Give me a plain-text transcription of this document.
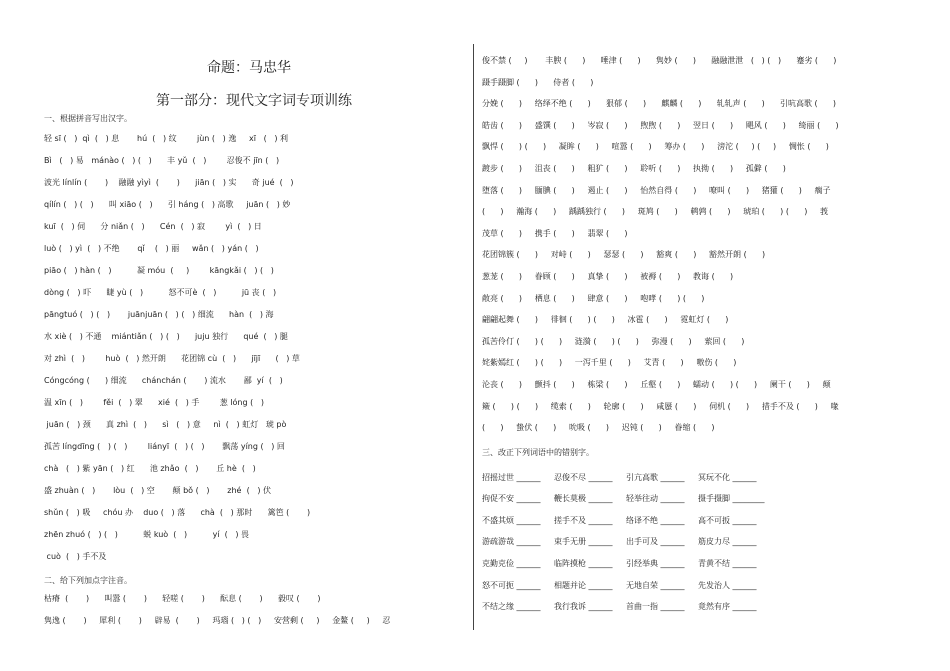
命题：马忠华
第一部分：现代文字词专项训练
一、根据拼音写出汉字。
轻 sī (   )  qì  (   ) 息       hú  (   ) 纹        jùn (   ) 逸     xī   (   ) 利
Bì   (   ) 易   mánào (   ) (   )      丰 yǔ  (   )        忍俊不 jīn (   )
波光 línlín (       )    融融 yìyì  (       )      jiān (   ) 实      奇 jué  (   )
qílín (   ) (   )      叫 xiāo (   )      引 háng (   ) 高歌     juān (   ) 妙
kuī  (   ) 伺      分 niǎn (   )      Cén  (   ) 寂        yì  (   ) 日
luò (   ) yì  (   ) 不绝       qǐ    (   ) 丽     wǎn (   ) yán (   )
piāo (   ) hàn (   )          凝 móu  (     )        kāngkǎi (   ) (   )
dòng (   ) 吓      睫 yù (   )          怒不可è  (   )          jū 丧 (   )
pāngtuó (   ) (   )       juānjuān (   ) (   ) 细流      hàn  (   ) 海
水 xiè (   ) 不通    miántiǎn (   ) (   )      juju 独行      qué  (   ) 腿
对 zhì  (   )        huò  (   ) 然开朗      花团锦 cù  (   )      jījī      (   ) 草
Cóngcóng (      ) 细流      chánchán (       ) 流水       鄙  yí  (   )
温 xīn (   )        fěi  (   ) 翠      xié  (   ) 手        葱 lóng (   )
juān (   ) 颈      真 zhì  (   )      sì   (   ) 意     nì  (   ) 虹灯   琥 pò
孤苦 língdīng (   ) (   )        liányī  (   ) (   )       飘荡 yíng (   ) 回
chà   (   ) 紫 yān (   ) 红      池 zhǎo  (   )       丘 hè  (   )
盛 zhuàn (   )       lòu  (   ) 空       颠 bǒ (   )       zhé  (   ) 伏
shǔn (   ) 吸     chóu 办    duo (   ) 落      chà  (   ) 那时      篱笆 (       )
zhēn zhuó (   ) (   )          蜕 kuò  (   )          yí  (   ) 畏
cuò  (   ) 手不及
二、给下列加点字注音。
枯瘠  (       )      叫嚣 (       )      轻嗟 (       )      酝息 (       )      毅叹 (       )
隽逸 (       )     犀利 (       )     辟易  (       )     玛瑙 (   ) (   )     安营剩 (     )     金鳌 (     )     忍
俊不禁 (     )       丰腴 (      )      唾津 (      )      隽妙 (      )      融融泄泄   (   ) (   )      蹇劣 (      )
蹑手蹑脚 (      )      侍者 (      )
分娩 (      )     络绎不绝 (      )      狠郁 (      )      麒麟 (      )      轧轧声 (      )      引吭高歌 (      )
皓齿 (      )     盛馔 (      )     岑寂 (      )     煦煦 (      )     翌日 (      )     飓风 (      )     绮丽 (      )
飘悍 (      ) (      )     凝眸 (      )     喧嚣 (      )     筹办 (      )     滂沱 (     ) (     )     惆怅 (      )
踱步 (      )     沮丧 (      )     粗犷 (      )     聆听 (      )     执拗 (      )     孤僻 (      )
堕落 (      )     腼腆 (      )     遏止 (      )     怡然自得 (      )     嘹叫 (      )     猪獾 (      )     瘸子
(      )     瀚海 (      )     踽踽独行 (      )     斑鸠 (      )     鹌鹑 (      )     琥珀 (      ) (      )     莪
茂草 (      )     携手 (      )     翡翠 (      )
花团锦簇 (      )     对峙 (      )     瑟瑟 (      )     豁爽 (      )     豁然开朗 (      )
葱茏 (      )     眷顾 (      )     真挚 (      )     被褥 (      )     教诲 (      )
敞亮 (      )     栖息 (      )     肆意 (      )     咆哮 (      ) (      )
翩翩起舞 (      )     徘徊 (      ) (      )     冰雹 (      )     霓虹灯 (      )
孤苦伶仃 (      ) (      )     涟漪 (      ) (      )     弥漫 (      )     萦回 (      )
姹紫嫣红 (      ) (      )     一泻千里 (      )     艾青 (      )     嗷伤 (      )
沦丧 (      )     颤抖 (      )     栋梁 (      )     丘壑 (      )     蠕动 (      ) (      )     阑干 (      )     颠
簸 (      ) (      )     缆索 (      )     轮廓 (      )     咸蜃 (      )     伺机 (      )     措手不及 (      )     喙
(      )     蛰伏 (      )     吮吸 (      )     迟钝 (      )     眷缩 (      )
三、改正下列词语中的错别字。
招摇过世 ______	忍俊不尽 ______	引亢高歌 ______	冥玩不化 ______
拘促不安 ______	鞭长莫极 ______	轻举往动 ______	摄手摄脚 ________
不盛其烦 ______	搓手不及 ______	络译不绝 ______	高不可扳 ______
游疏游哉 ______	束手无册 ______	出手可及 ______	筋皮力尽 ______
克勤克俭 ______	临阵摸枪 ______	引经举典 ______	青黄不结 ______
怒不可扼 ______	相题并论 ______	无地自荣 ______	先发治人 ______
不结之缘 ______	我行我诉 ______	首曲一指 ______	竟然有序 ______
